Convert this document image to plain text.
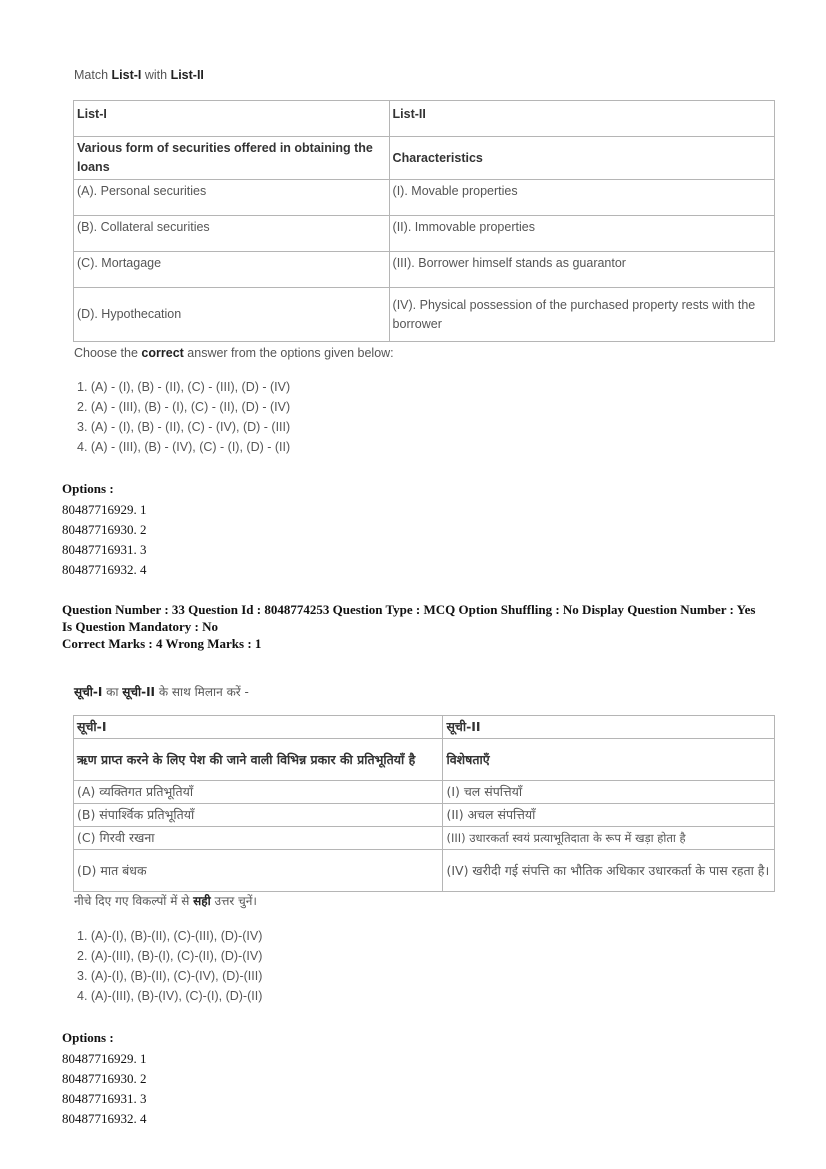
Match List-I with List-II
List-I	List-II
Various form of securities offered in obtaining the loans	Characteristics
(A). Personal securities	(I). Movable properties
(B). Collateral securities	(II). Immovable properties
(C). Mortagage	(III). Borrower himself stands as guarantor
(D). Hypothecation	(IV). Physical possession of the purchased property rests with the borrower
Choose the correct answer from the options given below:
1. (A) - (I), (B) - (II), (C) - (III), (D) - (IV)
2. (A) - (III), (B) - (I), (C) - (II), (D) - (IV)
3. (A) - (I), (B) - (II), (C) - (IV), (D) - (III)
4. (A) - (III), (B) - (IV), (C) - (I), (D) - (II)
Options :
80487716929. 1
80487716930. 2
80487716931. 3
80487716932. 4
Question Number : 33 Question Id : 8048774253 Question Type : MCQ Option Shuffling : No Display Question Number : Yes
Is Question Mandatory : No
Correct Marks : 4 Wrong Marks : 1
सूची-I का सूची-II के साथ मिलान करें -
सूची-I	सूची-II
ऋण प्राप्त करने के लिए पेश की जाने वाली विभिन्न प्रकार की प्रतिभूतियाँ है	विशेषताएँ
(A) व्यक्तिगत प्रतिभूतियाँ	(I) चल संपत्तियाँ
(B) संपार्श्विक प्रतिभूतियाँ	(II) अचल संपत्तियाँ
(C) गिरवी रखना	(III) उधारकर्ता स्वयं प्रत्याभूतिदाता के रूप में खड़ा होता है
(D) मात बंधक	(IV) खरीदी गई संपत्ति का भौतिक अधिकार उधारकर्ता के पास रहता है।
नीचे दिए गए विकल्पों में से सही उत्तर चुनें।
1. (A)-(I), (B)-(II), (C)-(III), (D)-(IV)
2. (A)-(III), (B)-(I), (C)-(II), (D)-(IV)
3. (A)-(I), (B)-(II), (C)-(IV), (D)-(III)
4. (A)-(III), (B)-(IV), (C)-(I), (D)-(II)
Options :
80487716929. 1
80487716930. 2
80487716931. 3
80487716932. 4
